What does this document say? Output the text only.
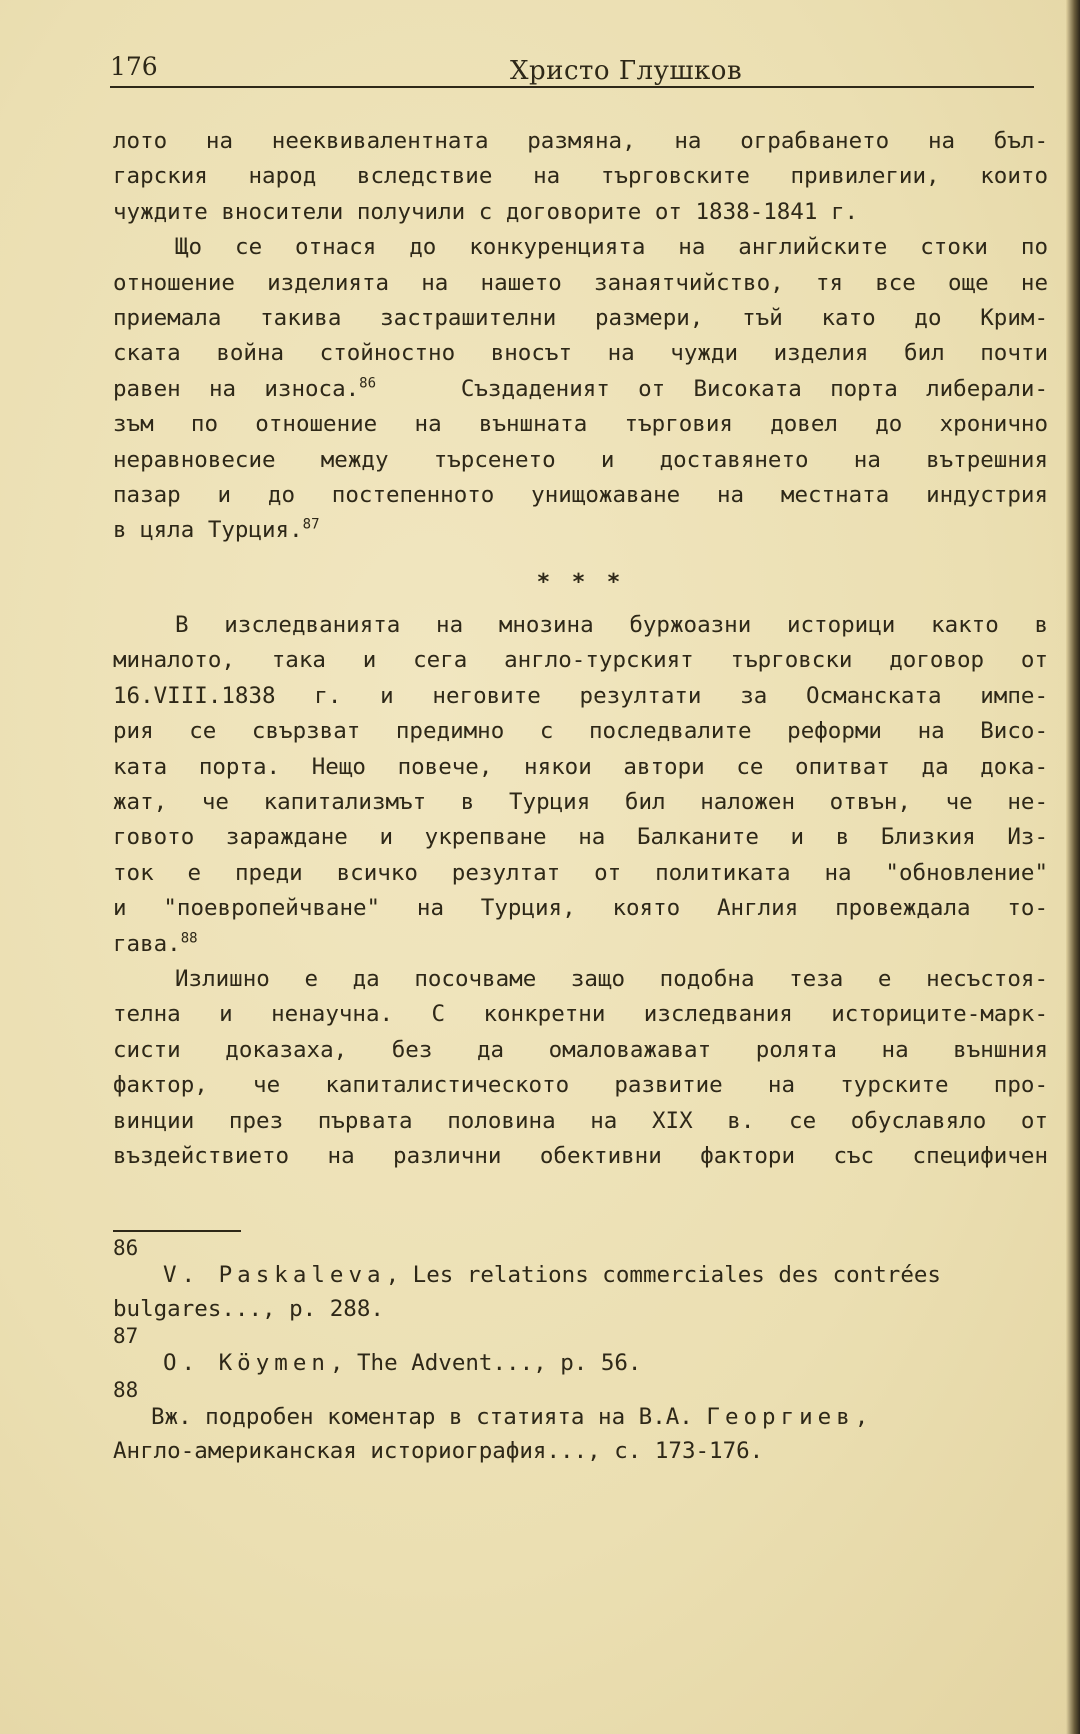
176	Христо Глушков
лото на нееквивалентната размяна, на ограбването на бъл-
гарския народ вследствие на търговските привилегии, които
чуждите вносители получили с договорите от 1838-1841 г.
Що се отнася до конкуренцията на английските стоки по
отношение изделията на нашето занаятчийство, тя все още не
приемала такива застрашителни размери, тъй като до Крим-
ската война стойностно вносът на чужди изделия бил почти
равен на износа.$^{86}$	Създаденият от Високата порта либерали-
зъм по отношение на външната търговия довел до хронично
неравновесие между търсенето и доставянето на вътрешния
пазар и до постепенното унищожаване на местната индустрия
в цяла Турция.$^{87}$
* * *
В изследванията на мнозина буржоазни историци както в
миналото, така и сега англо-турският търговски договор от
16.VIII.1838 г. и неговите резултати за Османската импе-
рия се свързват предимно с последвалите реформи на Висо-
ката порта. Нещо повече, някои автори се опитват да дока-
жат, че капитализмът в Турция бил наложен отвън, че не-
говото зараждане и укрепване на Балканите и в Близкия Из-
ток е преди всичко резултат от политиката на "обновление"
и "поевропейчване" на Турция, която Англия провеждала то-
гава.$^{88}$
Излишно е да посочваме защо подобна теза е несъстоя-
телна и ненаучна. С конкретни изследвания историците-марк-
систи доказаха, без да омаловажават ролята на външния
фактор, че капиталистическото развитие на турските про-
винции през първата половина на XIX в. се обуславяло от
въздействието на различни обективни фактори със специфичен
86
V. Paskaleva, Les relations commerciales des contrées
bulgares..., p. 288.
87
O. Köymen, The Advent..., p. 56.
88
Вж. подробен коментар в статията на В.А. Георгиев,
Англо-американская историография..., с. 173-176.
